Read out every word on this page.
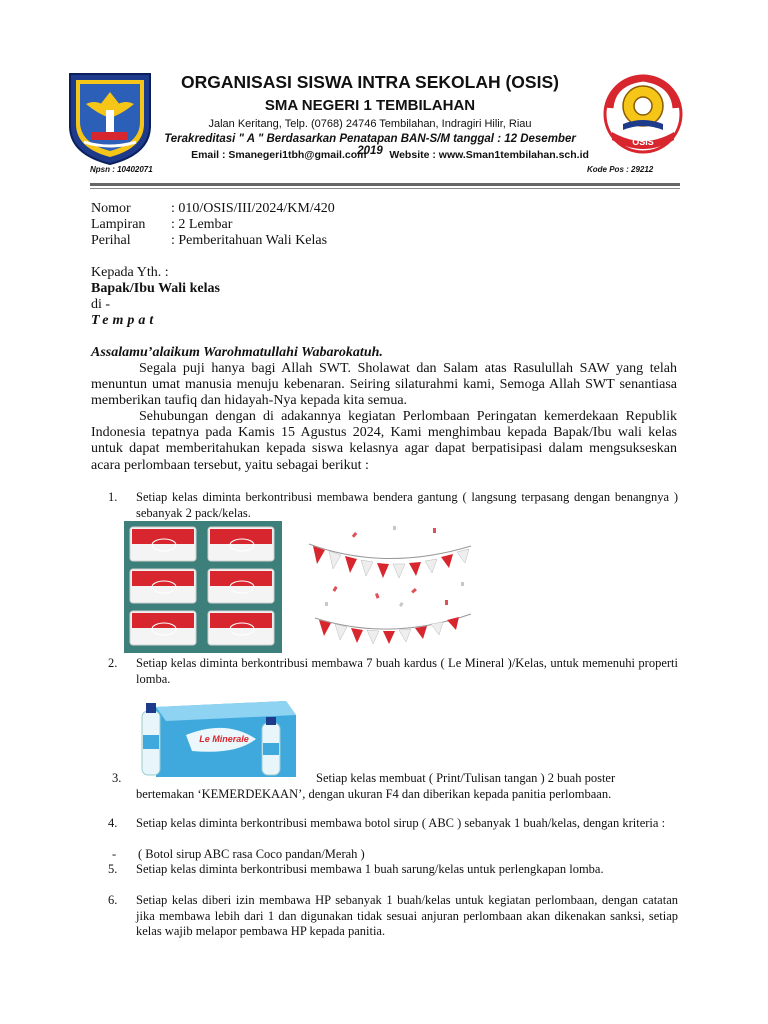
ORGANISASI SISWA INTRA SEKOLAH (OSIS)
SMA NEGERI 1 TEMBILAHAN
Jalan Keritang, Telp. (0768) 24746 Tembilahan, Indragiri Hilir, Riau
Terakreditasi " A " Berdasarkan Penatapan BAN-S/M tanggal : 12 Desember 2019
Email : Smanegeri1tbh@gmail.com Website : www.Sman1tembilahan.sch.id
OSIS
Npsn : 10402071	Kode Pos : 29212
Nomor	: 010/OSIS/III/2024/KM/420
Lampiran : 2 Lembar
Perihal	: Pemberitahuan Wali Kelas
Kepada Yth. :
Bapak/Ibu Wali kelas
di -
Tempat
Assalamu’alaikum Warohmatullahi Wabarokatuh.
Segala puji hanya bagi Allah SWT. Sholawat dan Salam atas Rasulullah SAW yang telah menuntun umat manusia menuju kebenaran. Seiring silaturahmi kami, Semoga Allah SWT senantiasa memberikan taufiq dan hidayah-Nya kepada kita semua.
Sehubungan dengan di adakannya kegiatan Perlombaan Peringatan kemerdekaan Republik Indonesia tepatnya pada Kamis 15 Agustus 2024, Kami menghimbau kepada Bapak/Ibu wali kelas untuk dapat memberitahukan kepada siswa kelasnya agar dapat berpatisipasi dalam mengsukseskan acara perlombaan tersebut, yaitu sebagai berikut :
1. Setiap kelas diminta berkontribusi membawa bendera gantung ( langsung terpasang dengan benangnya ) sebanyak 2 pack/kelas.
2. Setiap kelas diminta berkontribusi membawa 7 buah kardus ( Le Mineral )/Kelas, untuk memenuhi properti lomba.
Le Minerale
3.	Setiap kelas membuat ( Print/Tulisan tangan ) 2 buah poster
bertemakan ‘KEMERDEKAAN’, dengan ukuran F4 dan diberikan kepada panitia perlombaan.
4. Setiap kelas diminta berkontribusi membawa botol sirup ( ABC ) sebanyak 1 buah/kelas, dengan kriteria :
- ( Botol sirup ABC rasa Coco pandan/Merah )
5. Setiap kelas diminta berkontribusi membawa 1 buah sarung/kelas untuk perlengkapan lomba.
6. Setiap kelas diberi izin membawa HP sebanyak 1 buah/kelas untuk kegiatan perlombaan, dengan catatan jika membawa lebih dari 1 dan digunakan tidak sesuai anjuran perlombaan akan dikenakan sanksi, setiap kelas wajib melapor pembawa HP kepada panitia.
